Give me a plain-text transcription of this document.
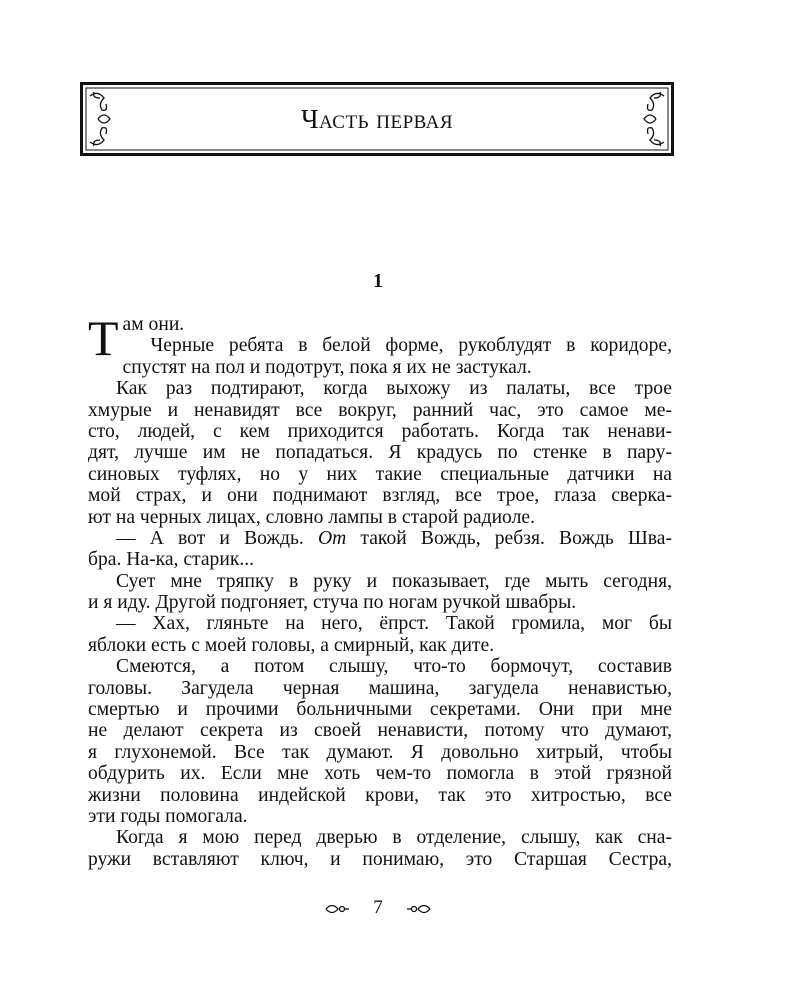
Часть первая
1
Т ам они.
Черные ребята в белой форме, рукоблудят в коридоре,
спустят на пол и подотрут, пока я их не застукал.
Как раз подтирают, когда выхожу из палаты, все трое
хмурые и ненавидят все вокруг, ранний час, это самое ме-
сто, людей, с кем приходится работать. Когда так ненави-
дят, лучше им не попадаться. Я крадусь по стенке в пару-
синовых туфлях, но у них такие специальные датчики на
мой страх, и они поднимают взгляд, все трое, глаза сверка-
ют на черных лицах, словно лампы в старой радиоле.
— А вот и Вождь. От такой Вождь, ребзя. Вождь Шва-
бра. На-ка, старик...
Сует мне тряпку в руку и показывает, где мыть сегодня,
и я иду. Другой подгоняет, стуча по ногам ручкой швабры.
— Хах, гляньте на него, ёпрст. Такой громила, мог бы
яблоки есть с моей головы, а смирный, как дите.
Смеются, а потом слышу, что-то бормочут, составив
головы. Загудела черная машина, загудела ненавистью,
смертью и прочими больничными секретами. Они при мне
не делают секрета из своей ненависти, потому что думают,
я глухонемой. Все так думают. Я довольно хитрый, чтобы
обдурить их. Если мне хоть чем-то помогла в этой грязной
жизни половина индейской крови, так это хитростью, все
эти годы помогала.
Когда я мою перед дверью в отделение, слышу, как сна-
ружи вставляют ключ, и понимаю, это Старшая Сестра,
7
